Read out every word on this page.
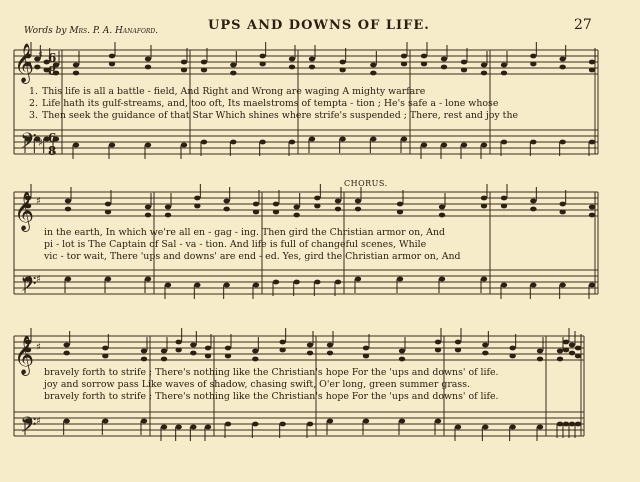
Words by Mrs. P. A. Hanaford.	UPS AND DOWNS OF LIFE.	27
𝄞
𝄢
𝄞
𝄢
𝄞
𝄢
6
8
6
8
♯
♯
♯
♯
♯
♯
1. This life is all a battle - field, And Right and Wrong are waging A mighty warfare
2. Life hath its gulf-streams, and, too oft, Its maelstroms of tempta - tion ; He's safe a - lone whose
3. Then seek the guidance of that Star Which shines where strife's suspended ; There, rest and joy the
CHORUS.
in the earth, In which we're all en - gag - ing. Then gird the Christian armor on, And
pi - lot is The Captain of Sal - va - tion. And life is full of changeful scenes, While
vic - tor wait, There 'ups and downs' are end - ed. Yes, gird the Christian armor on, And
bravely forth to strife ; There's nothing like the Christian's hope For the 'ups and downs' of life.
joy and sorrow pass Like waves of shadow, chasing swift, O'er long, green summer grass.
bravely forth to strife ; There's nothing like the Christian's hope For the 'ups and downs' of life.
